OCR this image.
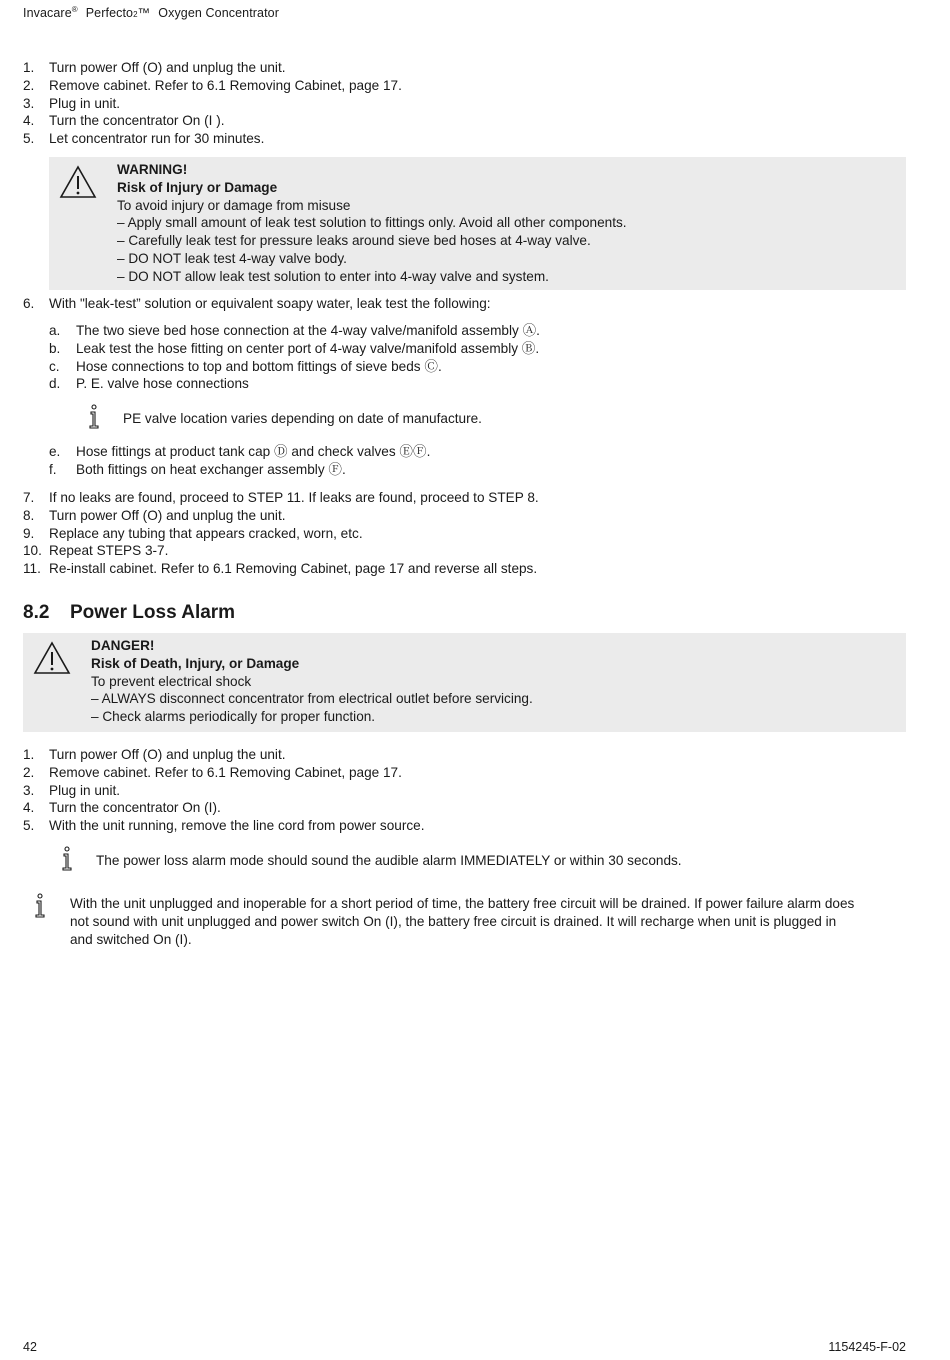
Invacare® Perfecto2™ Oxygen Concentrator
1.	Turn power Off (O) and unplug the unit.
2.	Remove cabinet. Refer to 6.1 Removing Cabinet, page 17.
3.	Plug in unit.
4.	Turn the concentrator On (I ).
5.	Let concentrator run for 30 minutes.
WARNING!
Risk of Injury or Damage
To avoid injury or damage from misuse
– Apply small amount of leak test solution to fittings only. Avoid all other components.
– Carefully leak test for pressure leaks around sieve bed hoses at 4-way valve.
– DO NOT leak test 4-way valve body.
– DO NOT allow leak test solution to enter into 4-way valve and system.
6.	With "leak-test” solution or equivalent soapy water, leak test the following:
a.	The two sieve bed hose connection at the 4-way valve/manifold assembly Ⓐ.
b.	Leak test the hose fitting on center port of 4-way valve/manifold assembly Ⓑ.
c.	Hose connections to top and bottom fittings of sieve beds Ⓒ.
d.	P. E. valve hose connections
PE valve location varies depending on date of manufacture.
e.	Hose fittings at product tank cap Ⓓ and check valves ⒺⒻ.
f.	Both fittings on heat exchanger assembly Ⓕ.
7.	If no leaks are found, proceed to STEP 11. If leaks are found, proceed to STEP 8.
8.	Turn power Off (O) and unplug the unit.
9.	Replace any tubing that appears cracked, worn, etc.
10. Repeat STEPS 3-7.
11. Re-install cabinet. Refer to 6.1 Removing Cabinet, page 17 and reverse all steps.
8.2 Power Loss Alarm
DANGER!
Risk of Death, Injury, or Damage
To prevent electrical shock
– ALWAYS disconnect concentrator from electrical outlet before servicing.
– Check alarms periodically for proper function.
1.	Turn power Off (O) and unplug the unit.
2.	Remove cabinet. Refer to 6.1 Removing Cabinet, page 17.
3.	Plug in unit.
4.	Turn the concentrator On (I).
5.	With the unit running, remove the line cord from power source.
The power loss alarm mode should sound the audible alarm IMMEDIATELY or within 30 seconds.
With the unit unplugged and inoperable for a short period of time, the battery free circuit will be drained. If power failure alarm does
not sound with unit unplugged and power switch On (I), the battery free circuit is drained. It will recharge when unit is plugged in
and switched On (I).
42	1154245-F-02
